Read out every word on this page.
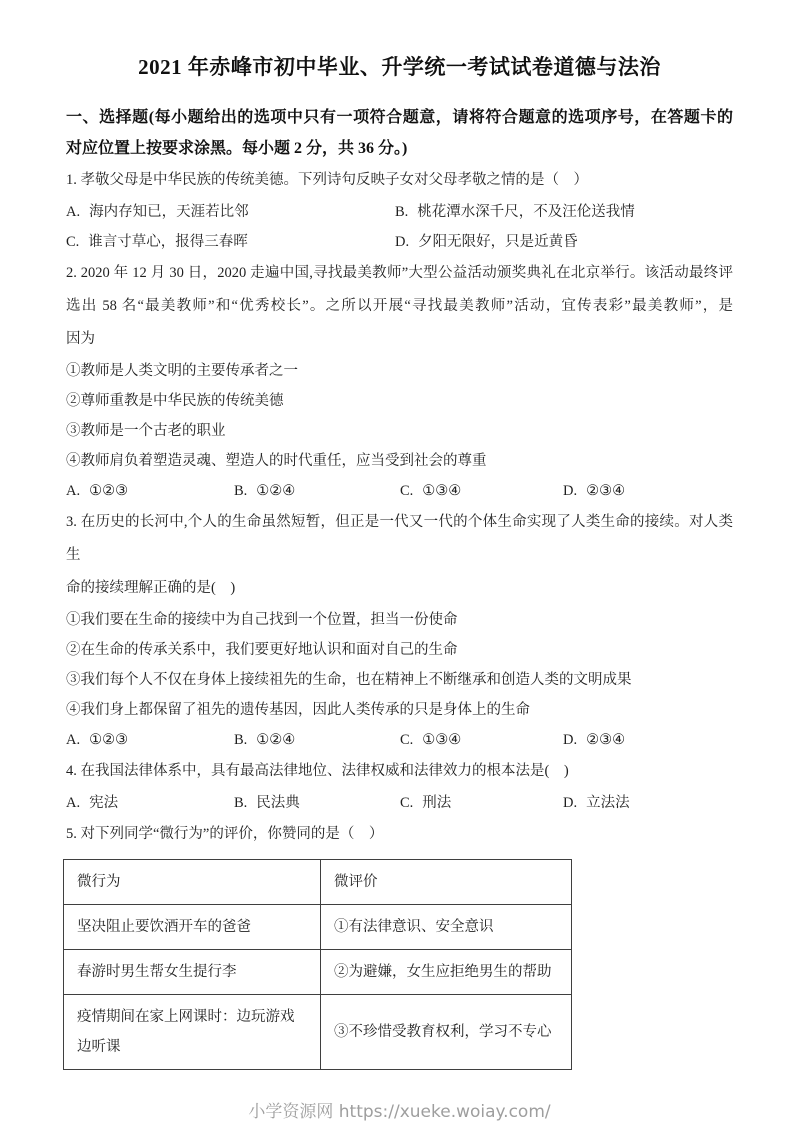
2021 年赤峰市初中毕业、升学统一考试试卷道德与法治
一、选择题(每小题给出的选项中只有一项符合题意，请将符合题意的选项序号，在答题卡的
对应位置上按要求涂黑。每小题 2 分，共 36 分。)
1. 孝敬父母是中华民族的传统美德。下列诗句反映子女对父母孝敬之情的是（　）
A. 海内存知已，天涯若比邻	B. 桃花潭水深千尺，不及汪伦送我情
C. 谁言寸草心，报得三春晖	D. 夕阳无限好，只是近黄昏
2. 2020 年 12 月 30 日，2020 走遍中国,寻找最美教师”大型公益活动颁奖典礼在北京举行。该活动最终评
选出 58 名“最美教师”和“优秀校长”。之所以开展“寻找最美教师”活动，宜传表彩”最美教师”，是
因为
①教师是人类文明的主要传承者之一
②尊师重教是中华民族的传统美德
③教师是一个古老的职业
④教师肩负着塑造灵魂、塑造人的时代重任，应当受到社会的尊重
A. ①②③	B. ①②④	C. ①③④	D. ②③④
3. 在历史的长河中,个人的生命虽然短暂，但正是一代又一代的个体生命实现了人类生命的接续。对人类生
命的接续理解正确的是(　)
①我们要在生命的接续中为自己找到一个位置，担当一份使命
②在生命的传承关系中，我们要更好地认识和面对自己的生命
③我们每个人不仅在身体上接续祖先的生命，也在精神上不断继承和创造人类的文明成果
④我们身上都保留了祖先的遗传基因，因此人类传承的只是身体上的生命
A. ①②③	B. ①②④	C. ①③④	D. ②③④
4. 在我国法律体系中，具有最高法律地位、法律权威和法律效力的根本法是(　)
A. 宪法	B. 民法典	C. 刑法	D. 立法法
5. 对下列同学“微行为”的评价，你赞同的是（　）
微行为	微评价
坚决阻止要饮酒开车的爸爸	①有法律意识、安全意识
春游时男生帮女生提行李	②为避嫌，女生应拒绝男生的帮助
疫情期间在家上网课时：边玩游戏边听课	③不珍惜受教育权利，学习不专心
小学资源网 https://xueke.woiay.com/
